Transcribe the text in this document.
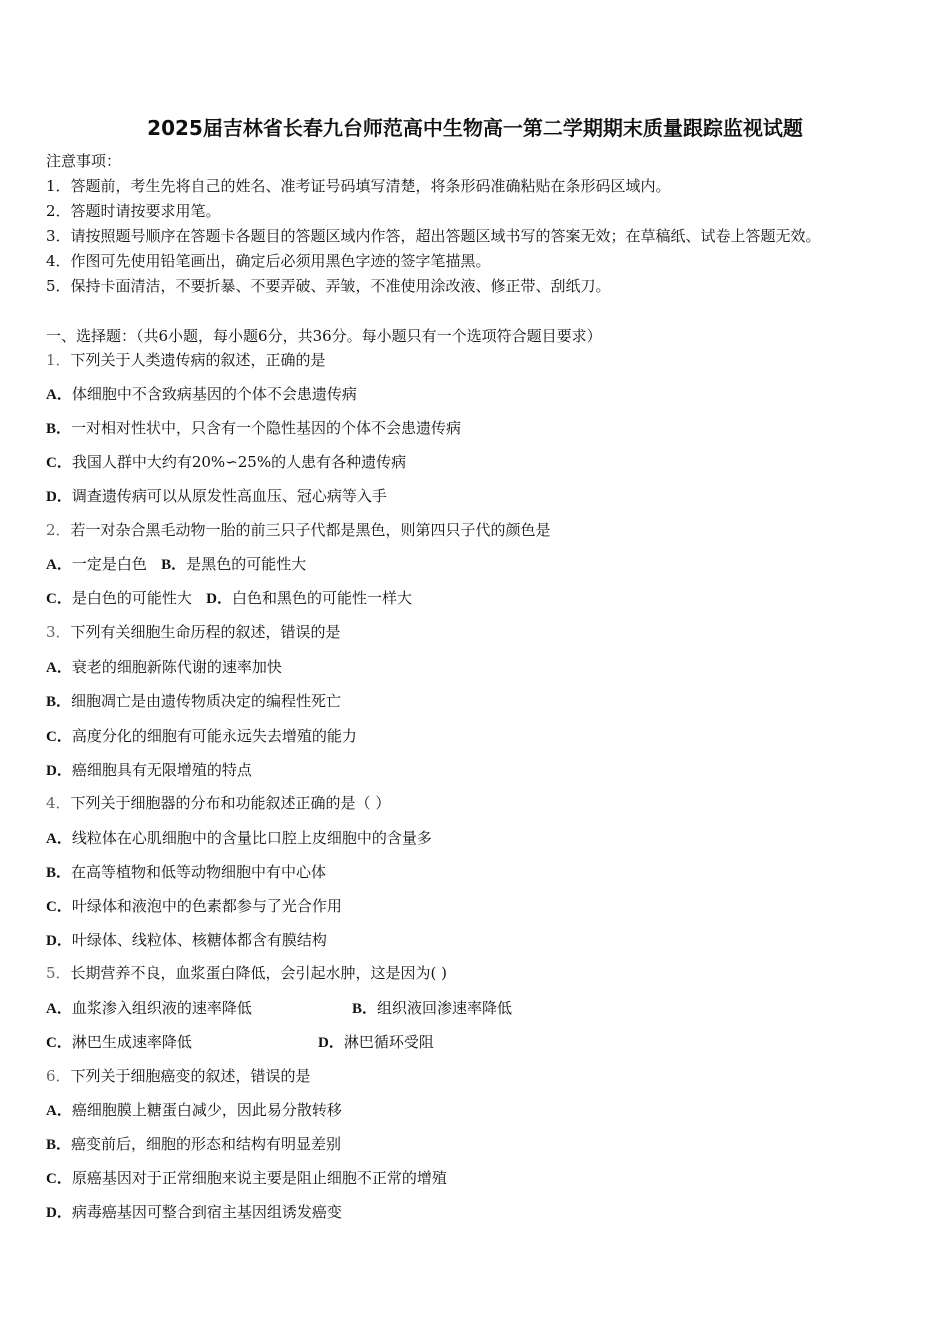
2025届吉林省长春九台师范高中生物高一第二学期期末质量跟踪监视试题
注意事项：
1．答题前，考生先将自己的姓名、准考证号码填写清楚，将条形码准确粘贴在条形码区域内。
2．答题时请按要求用笔。
3．请按照题号顺序在答题卡各题目的答题区域内作答，超出答题区域书写的答案无效；在草稿纸、试卷上答题无效。
4．作图可先使用铅笔画出，确定后必须用黑色字迹的签字笔描黑。
5．保持卡面清洁，不要折暴、不要弄破、弄皱，不准使用涂改液、修正带、刮纸刀。
一、选择题：（共6小题，每小题6分，共36分。每小题只有一个选项符合题目要求）
1．下列关于人类遗传病的叙述，正确的是
A．体细胞中不含致病基因的个体不会患遗传病
B．一对相对性状中，只含有一个隐性基因的个体不会患遗传病
C．我国人群中大约有20%∽25%的人患有各种遗传病
D．调查遗传病可以从原发性高血压、冠心病等入手
2．若一对杂合黑毛动物一胎的前三只子代都是黑色，则第四只子代的颜色是
A．一定是白色 B．是黑色的可能性大
C．是白色的可能性大 D．白色和黑色的可能性一样大
3．下列有关细胞生命历程的叙述，错误的是
A．衰老的细胞新陈代谢的速率加快
B．细胞凋亡是由遗传物质决定的编程性死亡
C．高度分化的细胞有可能永远失去增殖的能力
D．癌细胞具有无限增殖的特点
4．下列关于细胞器的分布和功能叙述正确的是（ ）
A．线粒体在心肌细胞中的含量比口腔上皮细胞中的含量多
B．在高等植物和低等动物细胞中有中心体
C．叶绿体和液泡中的色素都参与了光合作用
D．叶绿体、线粒体、核糖体都含有膜结构
5．长期营养不良，血浆蛋白降低，会引起水肿，这是因为( )
A．血浆渗入组织液的速率降低	B．组织液回渗速率降低
C．淋巴生成速率降低	D．淋巴循环受阻
6．下列关于细胞癌变的叙述，错误的是
A．癌细胞膜上糖蛋白减少，因此易分散转移
B．癌变前后，细胞的形态和结构有明显差别
C．原癌基因对于正常细胞来说主要是阻止细胞不正常的增殖
D．病毒癌基因可整合到宿主基因组诱发癌变
